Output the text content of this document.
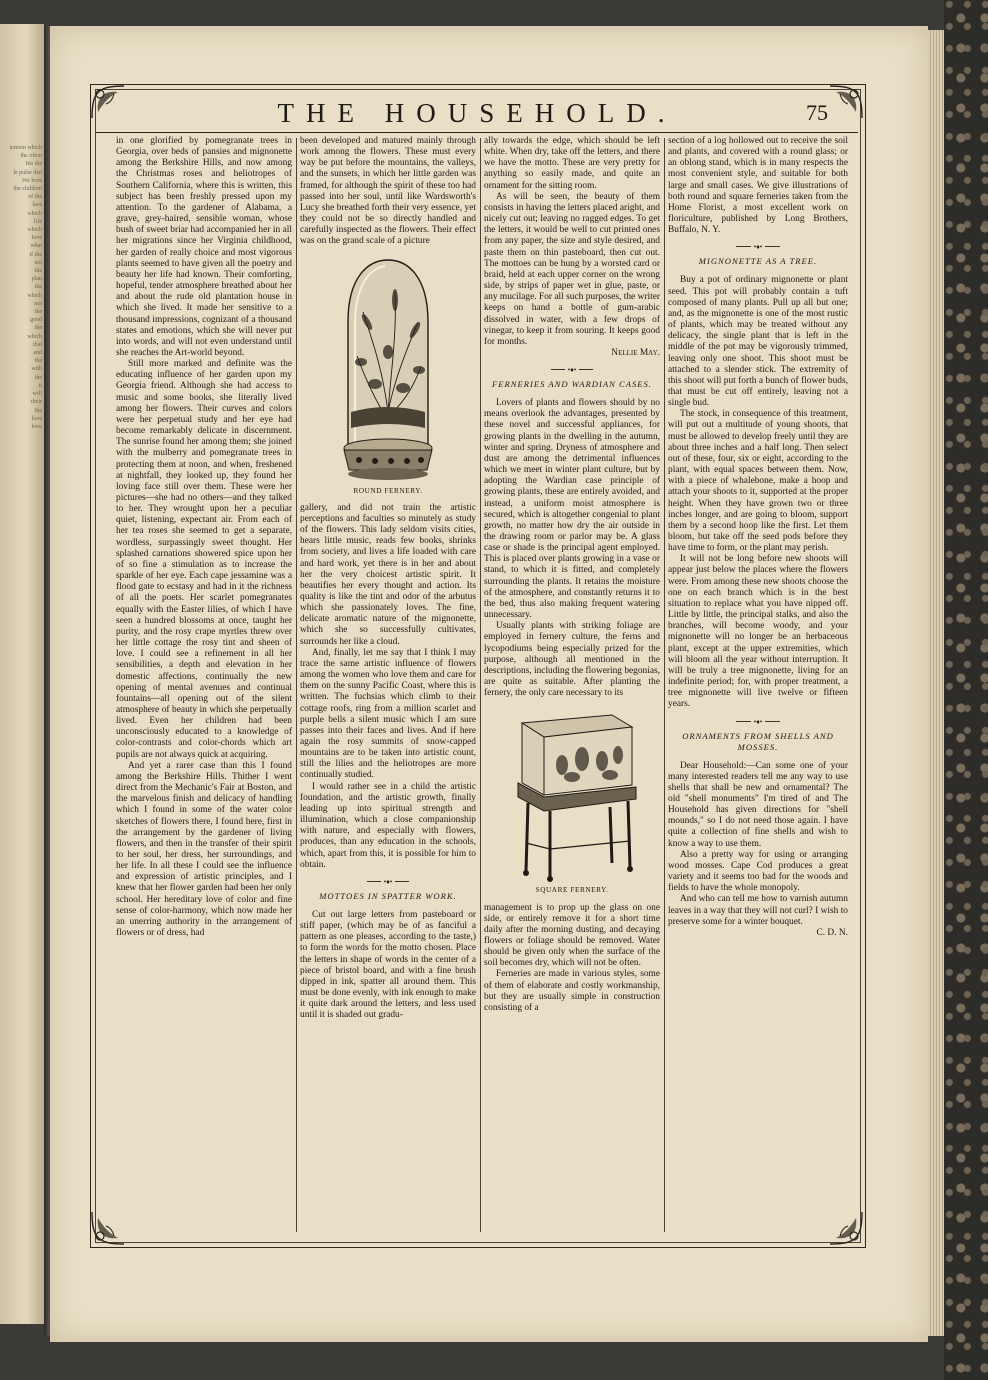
tenoon which
the ofton
Itis the
le pulse dist
We hore
the children
of the
lace
which
life
which
love
what
if the
not
the
plan
the
which
not
the
good
the
which
that
and
the
with
the
it
will
their
the
love
how
THE HOUSEHOLD.	75

in one glorified by pomegranate trees in Georgia, over beds of pansies and mignonette among the Berkshire Hills, and now among the Christmas roses and heliotropes of Southern California, where this is written, this subject has been freshly pressed upon my attention. To the gardener of Alabama, a grave, grey-haired, sensible woman, whose bush of sweet briar had accompanied her in all her migrations since her Virginia childhood, her garden of really choice and most vigorous plants seemed to have given all the poetry and beauty her life had known. Their comforting, hopeful, tender atmosphere breathed about her and about the rude old plantation house in which she lived. It made her sensitive to a thousand impressions, cognizant of a thousand states and emotions, which she will never put into words, and will not even understand until she reaches the Art-world beyond.

Still more marked and definite was the educating influence of her garden upon my Georgia friend. Although she had access to music and some books, she literally lived among her flowers. Their curves and colors were her perpetual study and her eye had become remarkably delicate in discernment. The sunrise found her among them; she joined with the mulberry and pomegranate trees in protecting them at noon, and when, freshened at nightfall, they looked up, they found her loving face still over them. These were her pictures—she had no others—and they talked to her. They wrought upon her a peculiar quiet, listening, expectant air. From each of her tea roses she seemed to get a separate, wordless, surpassingly sweet thought. Her splashed carnations showered spice upon her of so fine a stimulation as to increase the sparkle of her eye. Each cape jessamine was a flood gate to ecstasy and had in it the richness of all the poets. Her scarlet pomegranates equally with the Easter lilies, of which I have seen a hundred blossoms at once, taught her purity, and the rosy crape myrtles threw over her little cottage the rosy tint and sheen of love. I could see a refinement in all her sensibilities, a depth and elevation in her domestic affections, continually the new opening of mental avenues and continual fountains—all opening out of the silent atmosphere of beauty in which she perpetually lived. Even her children had been unconsciously educated to a knowledge of color-contrasts and color-chords which art pupils are not always quick at acquiring.

And yet a rarer case than this I found among the Berkshire Hills. Thither I went direct from the Mechanic's Fair at Boston, and the marvelous finish and delicacy of handling which I found in some of the water color sketches of flowers there, I found here, first in the arrangement by the gardener of living flowers, and then in the transfer of their spirit to her soul, her dress, her surroundings, and her life. In all these I could see the influence and expression of artistic principles, and I knew that her flower garden had been her only school. Her hereditary love of color and fine sense of color-harmony, which now made her an unerring authority in the arrangement of flowers or of dress, had

been developed and matured mainly through work among the flowers. These must every way be put before the mountains, the valleys, and the sunsets, in which her little garden was framed, for although the spirit of these too had passed into her soul, until like Wardsworth's Lucy she breathed forth their very essence, yet they could not be so directly handled and carefully inspected as the flowers. Their effect was on the grand scale of a picture

ROUND FERNERY.

gallery, and did not train the artistic perceptions and faculties so minutely as study of the flowers. This lady seldom visits cities, hears little music, reads few books, shrinks from society, and lives a life loaded with care and hard work, yet there is in her and about her the very choicest artistic spirit. It beautifies her every thought and action. Its quality is like the tint and odor of the arbutus which she passionately loves. The fine, delicate aromatic nature of the mignonette, which she so successfully cultivates, surrounds her like a cloud.

And, finally, let me say that I think I may trace the same artistic influence of flowers among the women who love them and care for them on the sunny Pacific Coast, where this is written. The fuchsias which climb to their cottage roofs, ring from a million scarlet and purple bells a silent music which I am sure passes into their faces and lives. And if here again the rosy summits of snow-capped mountains are to be taken into artistic count, still the lilies and the heliotropes are more continually studied.

I would rather see in a child the artistic foundation, and the artistic growth, finally leading up into spiritual strength and illumination, which a close companionship with nature, and especially with flowers, produces, than any education in the schools, which, apart from this, it is possible for him to obtain.

•♦•
MOTTOES IN SPATTER WORK.

Cut out large letters from pasteboard or stiff paper, (which may be of as fanciful a pattern as one pleases, according to the taste,) to form the words for the motto chosen. Place the letters in shape of words in the center of a piece of bristol board, and with a fine brush dipped in ink, spatter all around them. This must be done evenly, with ink enough to make it quite dark around the letters, and less used until it is shaded out gradu-

ally towards the edge, which should be left white. When dry, take off the letters, and there we have the motto. These are very pretty for anything so easily made, and quite an ornament for the sitting room.

As will be seen, the beauty of them consists in having the letters placed aright, and nicely cut out; leaving no ragged edges. To get the letters, it would be well to cut printed ones from any paper, the size and style desired, and paste them on thin pasteboard, then cut out. The mottoes can be hung by a worsted card or braid, held at each upper corner on the wrong side, by strips of paper wet in glue, paste, or any mucilage. For all such purposes, the writer keeps on hand a bottle of gum-arabic dissolved in water, with a few drops of vinegar, to keep it from souring. It keeps good for months.

Nellie May.
•♦•
FERNERIES AND WARDIAN CASES.

Lovers of plants and flowers should by no means overlook the advantages, presented by these novel and successful appliances, for growing plants in the dwelling in the autumn, winter and spring. Dryness of atmosphere and dust are among the detrimental influences which we meet in winter plant culture, but by adopting the Wardian case principle of growing plants, these are entirely avoided, and instead, a uniform moist atmosphere is secured, which is altogether congenial to plant growth, no matter how dry the air outside in the drawing room or parlor may be. A glass case or shade is the principal agent employed. This is placed over plants growing in a vase or stand, to which it is fitted, and completely surrounding the plants. It retains the moisture of the atmosphere, and constantly returns it to the bed, thus also making frequent watering unnecessary.

Usually plants with striking foliage are employed in fernery culture, the ferns and lycopodiums being especially prized for the purpose, although all mentioned in the descriptions, including the flowering begonias, are quite as suitable. After planting the fernery, the only care necessary to its

SQUARE FERNERY.

management is to prop up the glass on one side, or entirely remove it for a short time daily after the morning dusting, and decaying flowers or foliage should be removed. Water should be given only when the surface of the soil becomes dry, which will not be often.

Ferneries are made in various styles, some of them of elaborate and costly workmanship, but they are usually simple in construction consisting of a

section of a log hollowed out to receive the soil and plants, and covered with a round glass; or an oblong stand, which is in many respects the most convenient style, and suitable for both large and small cases. We give illustrations of both round and square ferneries taken from the Home Florist, a most excellent work on floriculture, published by Long Brothers, Buffalo, N. Y.

•♦•
MIGNONETTE AS A TREE.

Buy a pot of ordinary mignonette or plant seed. This pot will probably contain a tuft composed of many plants. Pull up all but one; and, as the mignonette is one of the most rustic of plants, which may be treated without any delicacy, the single plant that is left in the middle of the pot may be vigorously trimmed, leaving only one shoot. This shoot must be attached to a slender stick. The extremity of this shoot will put forth a bunch of flower buds, that must be cut off entirely, leaving not a single bud.

The stock, in consequence of this treatment, will put out a multitude of young shoots, that must be allowed to develop freely until they are about three inches and a half long. Then select out of these, four, six or eight, according to the plant, with equal spaces between them. Now, with a piece of whalebone, make a hoop and attach your shoots to it, supported at the proper height. When they have grown two or three inches longer, and are going to bloom, support them by a second hoop like the first. Let them bloom, but take off the seed pods before they have time to form, or the plant may perish.

It will not be long before new shoots will appear just below the places where the flowers were. From among these new shoots choose the one on each branch which is in the best situation to replace what you have nipped off. Little by little, the principal stalks, and also the branches, will become woody, and your mignonette will no longer be an herbaceous plant, except at the upper extremities, which will bloom all the year without interruption. It will be truly a tree mignonette, living for an indefinite period; for, with proper treatment, a tree mignonette will live twelve or fifteen years.

•♦•
ORNAMENTS FROM SHELLS AND MOSSES.

Dear Household:—Can some one of your many interested readers tell me any way to use shells that shall be new and ornamental? The old "shell monuments" I'm tired of and The Household has given directions for "shell mounds," so I do not need those again. I have quite a collection of fine shells and wish to know a way to use them.

Also a pretty way for using or arranging wood mosses. Cape Cod produces a great variety and it seems too bad for the woods and fields to have the whole monopoly.

And who can tell me how to varnish autumn leaves in a way that they will not curl? I wish to preserve some for a winter bouquet.

C. D. N.
